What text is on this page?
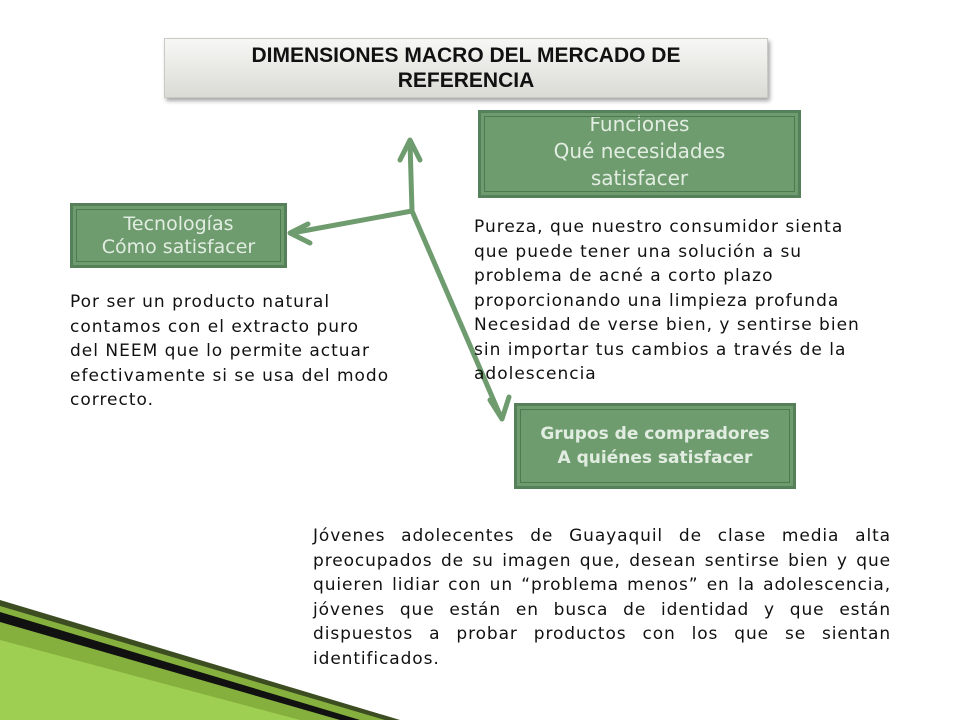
DIMENSIONES MACRO DEL MERCADO DE
REFERENCIA
Funciones
Qué necesidades
satisfacer
Tecnologías
Cómo satisfacer
Grupos de compradores
A quiénes satisfacer
Pureza, que nuestro consumidor sienta
que puede tener una solución a su
problema de acné a corto plazo
proporcionando una limpieza profunda
Necesidad de verse bien, y sentirse bien
sin importar tus cambios a través de la
adolescencia
Por ser un producto natural
contamos con el extracto puro
del NEEM que lo permite actuar
efectivamente si se usa del modo
correcto.
Jóvenes adolecentes de Guayaquil de clase media alta preocupados de su imagen que, desean sentirse bien y que quieren lidiar con un “problema menos” en la adolescencia, jóvenes que están en busca de identidad y que están dispuestos a probar productos con los que se sientan identificados.
